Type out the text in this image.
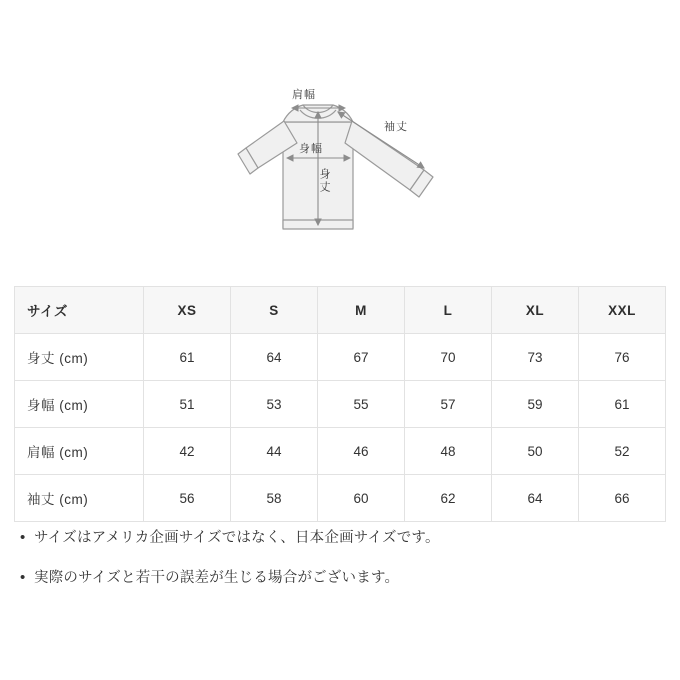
肩幅
袖丈
身幅
身丈
サイズ	XS	S	M	L	XL	XXL
身丈 (cm)	61	64	67	70	73	76
身幅 (cm)	51	53	55	57	59	61
肩幅 (cm)	42	44	46	48	50	52
袖丈 (cm)	56	58	60	62	64	66
• サイズはアメリカ企画サイズではなく、日本企画サイズです。
• 実際のサイズと若干の誤差が生じる場合がございます。
